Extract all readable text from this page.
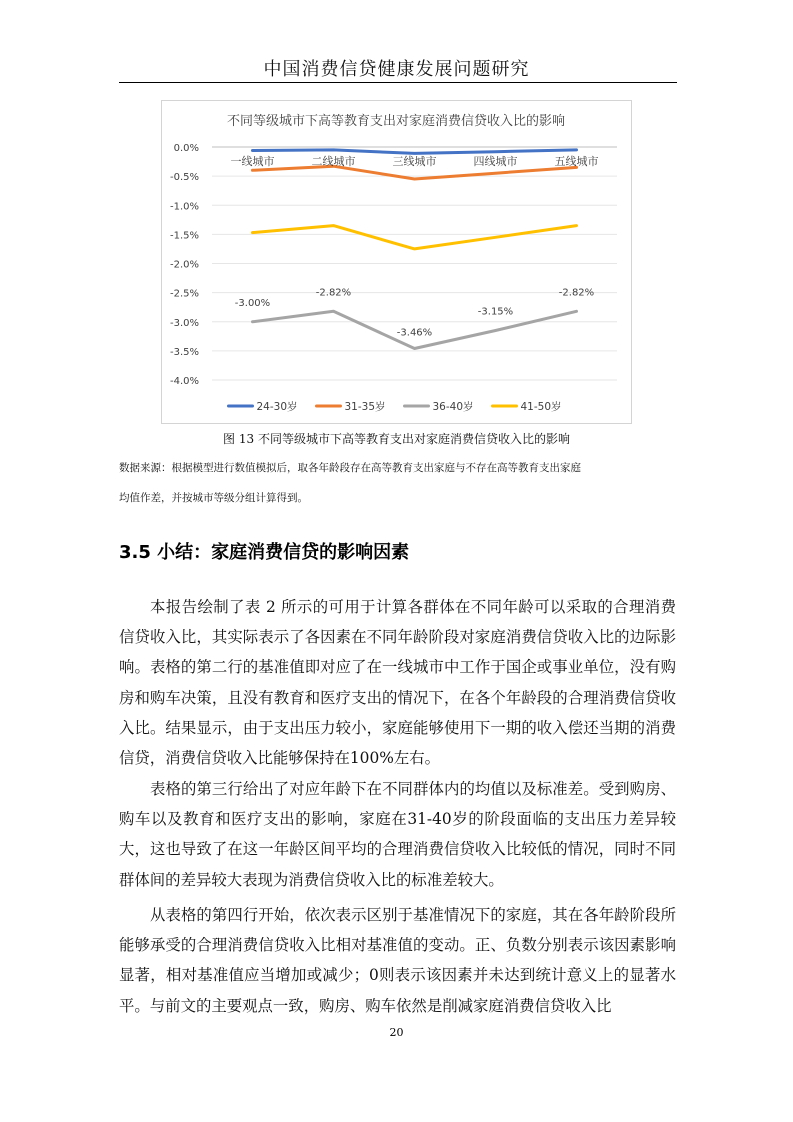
中国消费信贷健康发展问题研究
不同等级城市下高等教育支出对家庭消费信贷收入比的影响
0.0%
-0.5%
-1.0%
-1.5%
-2.0%
-2.5%
-3.0%
-3.5%
-4.0%
一线城市	二线城市	三线城市	四线城市	五线城市
-3.00%
-2.82%
-3.46%
-3.15%
-2.82%
24-30岁	31-35岁	36-40岁	41-50岁
图 13 不同等级城市下高等教育支出对家庭消费信贷收入比的影响
数据来源：根据模型进行数值模拟后，取各年龄段存在高等教育支出家庭与不存在高等教育支出家庭
均值作差，并按城市等级分组计算得到。
3.5 小结：家庭消费信贷的影响因素

本报告绘制了表 2 所示的可用于计算各群体在不同年龄可以采取的合理消费信贷收入比，其实际表示了各因素在不同年龄阶段对家庭消费信贷收入比的边际影响。表格的第二行的基准值即对应了在一线城市中工作于国企或事业单位，没有购房和购车决策，且没有教育和医疗支出的情况下，在各个年龄段的合理消费信贷收入比。结果显示，由于支出压力较小，家庭能够使用下一期的收入偿还当期的消费信贷，消费信贷收入比能够保持在100%左右。

表格的第三行给出了对应年龄下在不同群体内的均值以及标准差。受到购房、购车以及教育和医疗支出的影响，家庭在31-40岁的阶段面临的支出压力差异较大，这也导致了在这一年龄区间平均的合理消费信贷收入比较低的情况，同时不同群体间的差异较大表现为消费信贷收入比的标准差较大。

从表格的第四行开始，依次表示区别于基准情况下的家庭，其在各年龄阶段所能够承受的合理消费信贷收入比相对基准值的变动。正、负数分别表示该因素影响显著，相对基准值应当增加或减少；0则表示该因素并未达到统计意义上的显著水平。与前文的主要观点一致，购房、购车依然是削减家庭消费信贷收入比

20
